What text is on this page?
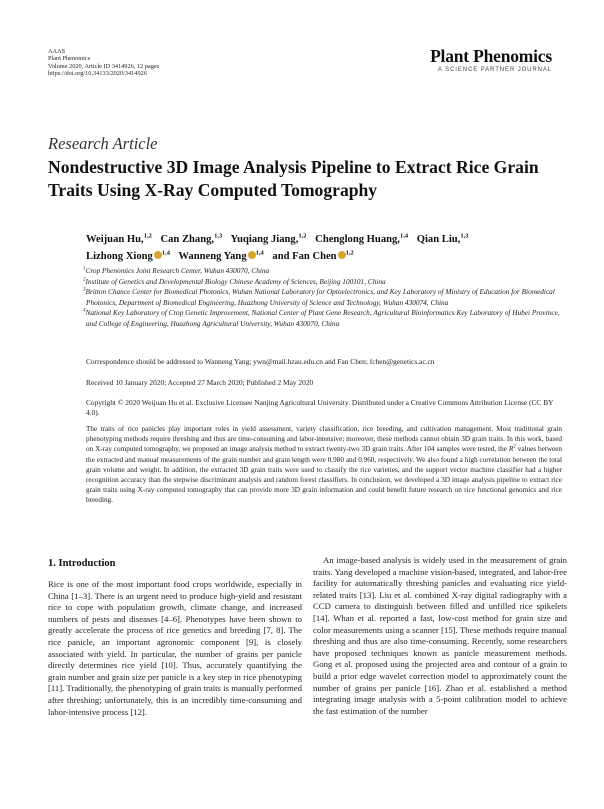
AAAS
Plant Phenomics
Volume 2020, Article ID 3414926, 12 pages
https://doi.org/10.34133/2020/3414926
Plant Phenomics
A SCIENCE PARTNER JOURNAL
Research Article
Nondestructive 3D Image Analysis Pipeline to Extract Rice Grain Traits Using X-Ray Computed Tomography
Weijuan Hu,$^{1,2}$ Can Zhang,$^{1,3}$ Yuqiang Jiang,$^{1,2}$ Chenglong Huang,$^{1,4}$ Qian Liu,$^{1,3}$ Lizhong Xiong $^{1,4}$ Wanneng Yang $^{1,4}$ and Fan Chen $^{1,2}$

$^1$Crop Phenomics Joint Research Center, Wuhan 430070, China

$^2$Institute of Genetics and Developmental Biology Chinese Academy of Sciences, Beijing 100101, China

$^3$Britton Chance Center for Biomedical Photonics, Wuhan National Laboratory for Optoelectronics, and Key Laboratory of Ministry of Education for Biomedical Photonics, Department of Biomedical Engineering, Huazhong University of Science and Technology, Wuhan 430074, China

$^4$National Key Laboratory of Crop Genetic Improvement, National Center of Plant Gene Research, Agricultural Bioinformatics Key Laboratory of Hubei Province, and College of Engineering, Huazhong Agricultural University, Wuhan 430070, China

Correspondence should be addressed to Wanneng Yang; ywn@mail.hzau.edu.cn and Fan Chen; fchen@genetics.ac.cn
Received 10 January 2020; Accepted 27 March 2020; Published 2 May 2020
Copyright © 2020 Weijuan Hu et al. Exclusive Licensee Nanjing Agricultural University. Distributed under a Creative Commons Attribution License (CC BY 4.0).
The traits of rice panicles play important roles in yield assessment, variety classification, rice breeding, and cultivation management. Most traditional grain phenotyping methods require threshing and thus are time-consuming and labor-intensive; moreover, these methods cannot obtain 3D grain traits. In this work, based on X-ray computed tomography, we proposed an image analysis method to extract twenty-two 3D grain traits. After 104 samples were tested, the $R^2$ values between the extracted and manual measurements of the grain number and grain length were 0.980 and 0.960, respectively. We also found a high correlation between the total grain volume and weight. In addition, the extracted 3D grain traits were used to classify the rice varieties, and the support vector machine classifier had a higher recognition accuracy than the stepwise discriminant analysis and random forest classifiers. In conclusion, we developed a 3D image analysis pipeline to extract rice grain traits using X-ray computed tomography that can provide more 3D grain information and could benefit future research on rice functional genomics and rice breeding.
1. Introduction
Rice is one of the most important food crops worldwide, especially in China [1–3]. There is an urgent need to produce high-yield and resistant rice to cope with population growth, climate change, and increased numbers of pests and diseases [4–6]. Phenotypes have been shown to greatly accelerate the process of rice genetics and breeding [7, 8]. The rice panicle, an important agronomic component [9], is closely associated with yield. In particular, the number of grains per panicle directly determines rice yield [10]. Thus, accurately quantifying the grain number and grain size per panicle is a key step in rice phenotyping [11]. Traditionally, the phenotyping of grain traits is manually performed after threshing; unfortunately, this is an incredibly time-consuming and labor-intensive process [12].
An image-based analysis is widely used in the measurement of grain traits. Yang developed a machine vision-based, integrated, and labor-free facility for automatically threshing panicles and evaluating rice yield-related traits [13]. Liu et al. combined X-ray digital radiography with a CCD camera to distinguish between filled and unfilled rice spikelets [14]. Whan et al. reported a fast, low-cost method for grain size and color measurements using a scanner [15]. These methods require manual threshing and thus are also time-consuming. Recently, some researchers have proposed techniques known as panicle measurement methods. Gong et al. proposed using the projected area and contour of a grain to build a prior edge wavelet correction model to approximately count the number of grains per panicle [16]. Zhao et al. established a method integrating image analysis with a 5-point calibration model to achieve the fast estimation of the number
